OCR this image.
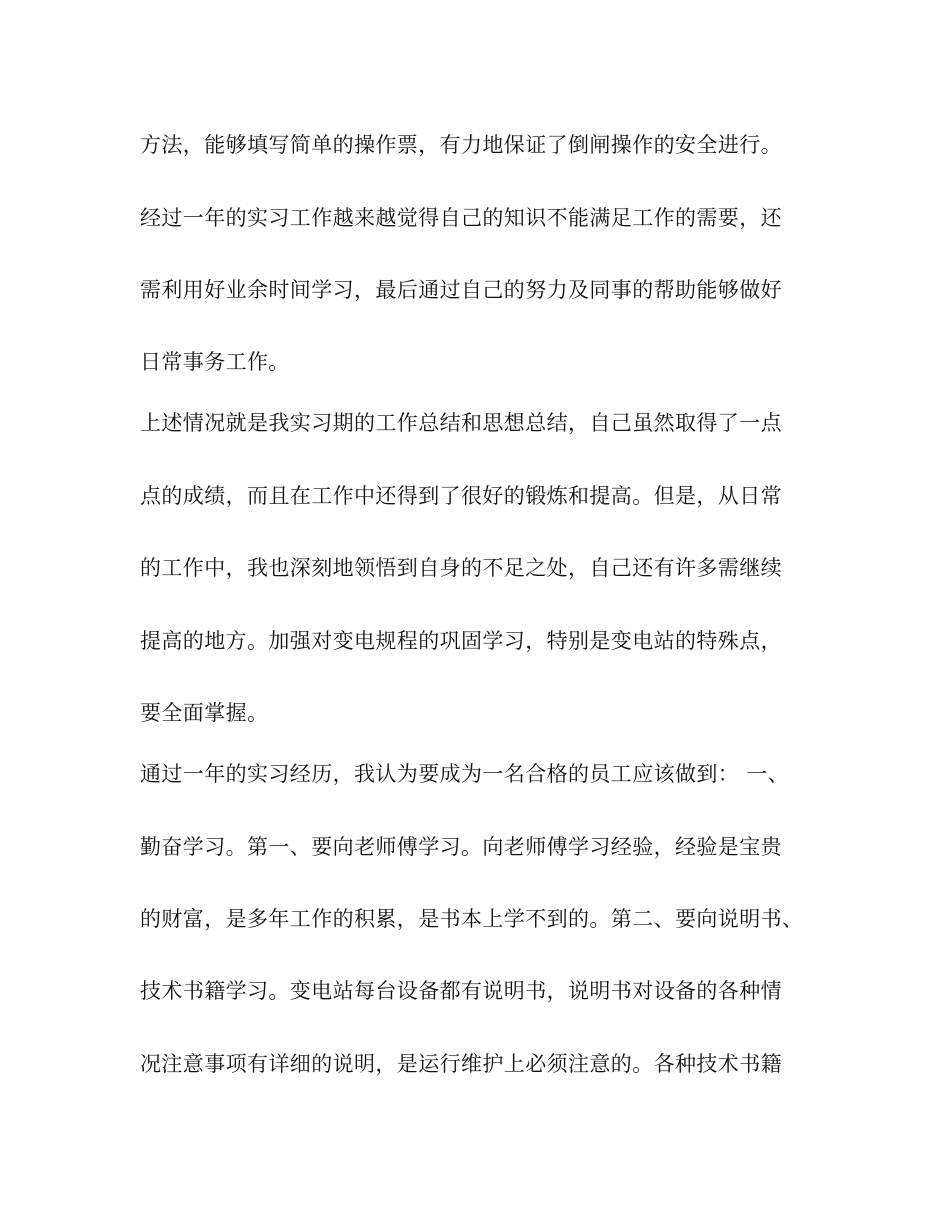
方法，能够填写简单的操作票，有力地保证了倒闸操作的安全进行。
经过一年的实习工作越来越觉得自己的知识不能满足工作的需要，还
需利用好业余时间学习，最后通过自己的努力及同事的帮助能够做好
日常事务工作。
上述情况就是我实习期的工作总结和思想总结，自己虽然取得了一点
点的成绩，而且在工作中还得到了很好的锻炼和提高。但是，从日常
的工作中，我也深刻地领悟到自身的不足之处，自己还有许多需继续
提高的地方。加强对变电规程的巩固学习，特别是变电站的特殊点，
要全面掌握。
通过一年的实习经历，我认为要成为一名合格的员工应该做到： 一、
勤奋学习。第一、要向老师傅学习。向老师傅学习经验，经验是宝贵
的财富，是多年工作的积累，是书本上学不到的。第二、要向说明书、
技术书籍学习。变电站每台设备都有说明书，说明书对设备的各种情
况注意事项有详细的说明，是运行维护上必须注意的。各种技术书籍
